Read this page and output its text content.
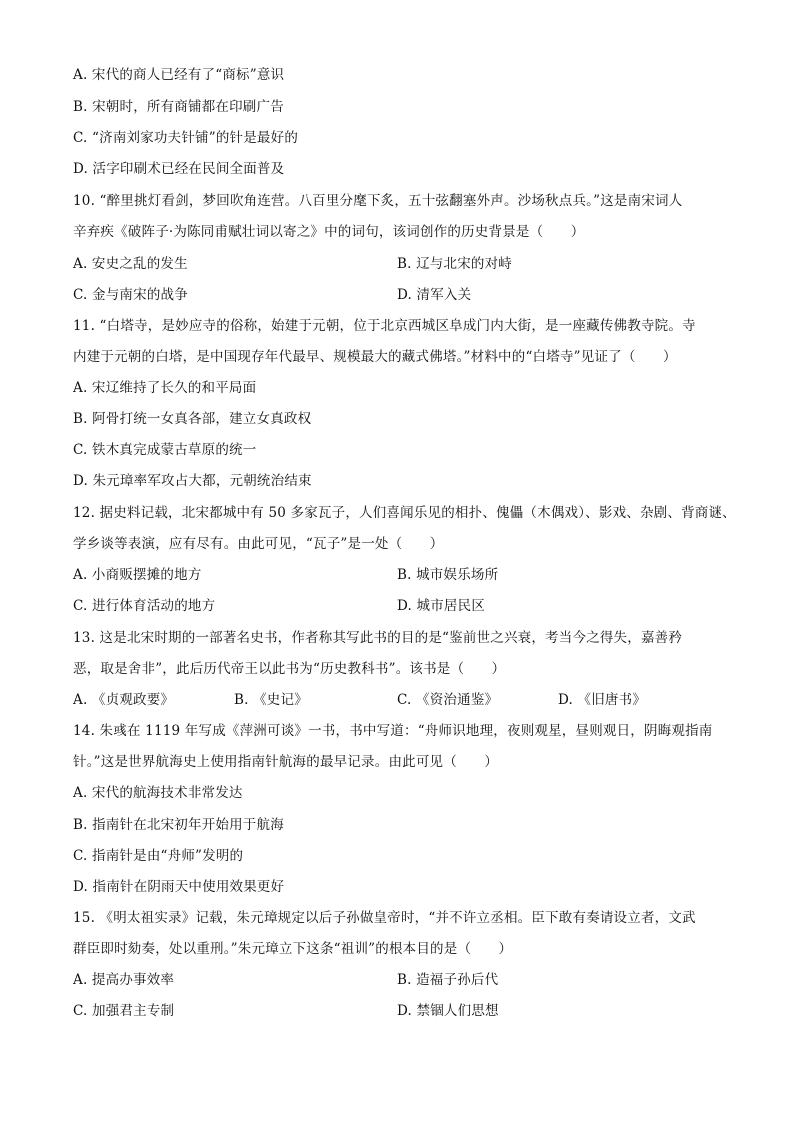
A. 宋代的商人已经有了“商标”意识
B. 宋朝时，所有商铺都在印刷广告
C. “济南刘家功夫针铺”的针是最好的
D. 活字印刷术已经在民间全面普及
10. “醉里挑灯看剑，梦回吹角连营。八百里分麾下炙，五十弦翻塞外声。沙场秋点兵。”这是南宋词人
辛弃疾《破阵子·为陈同甫赋壮词以寄之》中的词句，该词创作的历史背景是（　　）
A. 安史之乱的发生	B. 辽与北宋的对峙
C. 金与南宋的战争	D. 清军入关
11. “白塔寺，是妙应寺的俗称，始建于元朝，位于北京西城区阜成门内大街，是一座藏传佛教寺院。寺
内建于元朝的白塔，是中国现存年代最早、规模最大的藏式佛塔。”材料中的“白塔寺”见证了（　　）
A. 宋辽维持了长久的和平局面
B. 阿骨打统一女真各部，建立女真政权
C. 铁木真完成蒙古草原的统一
D. 朱元璋率军攻占大都，元朝统治结束
12. 据史料记载，北宋都城中有 50 多家瓦子，人们喜闻乐见的相扑、傀儡（木偶戏）、影戏、杂剧、背商谜、
学乡谈等表演，应有尽有。由此可见，“瓦子”是一处（　　）
A. 小商贩摆摊的地方	B. 城市娱乐场所
C. 进行体育活动的地方	D. 城市居民区
13. 这是北宋时期的一部著名史书，作者称其写此书的目的是“鉴前世之兴衰，考当今之得失，嘉善矜
恶，取是舍非”，此后历代帝王以此书为“历史教科书”。该书是（　　）
A. 《贞观政要》	B. 《史记》	C. 《资治通鉴》	D. 《旧唐书》
14. 朱彧在 1119 年写成《萍洲可谈》一书，书中写道：“舟师识地理，夜则观星，昼则观日，阴晦观指南
针。”这是世界航海史上使用指南针航海的最早记录。由此可见（　　）
A. 宋代的航海技术非常发达
B. 指南针在北宋初年开始用于航海
C. 指南针是由“舟师”发明的
D. 指南针在阴雨天中使用效果更好
15. 《明太祖实录》记载，朱元璋规定以后子孙做皇帝时，“并不许立丞相。臣下敢有奏请设立者，文武
群臣即时劾奏，处以重刑。”朱元璋立下这条“祖训”的根本目的是（　　）
A. 提高办事效率	B. 造福子孙后代
C. 加强君主专制	D. 禁锢人们思想
